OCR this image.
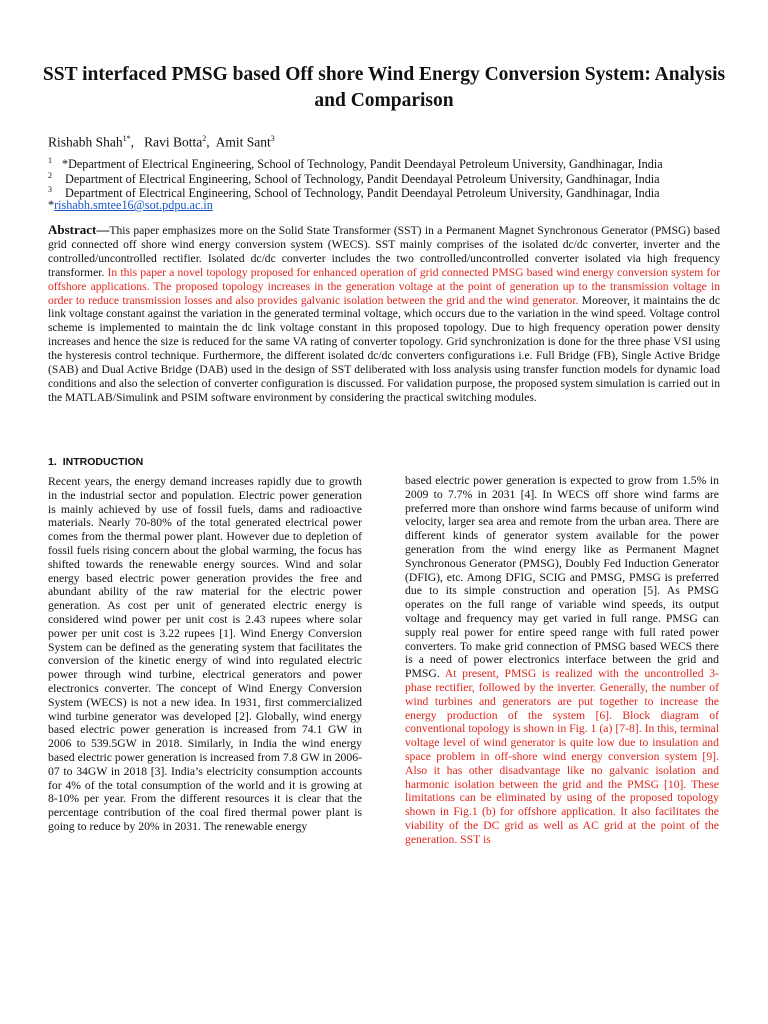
SST interfaced PMSG based Off shore Wind Energy Conversion System: Analysis and Comparison
Rishabh Shah$^{1*}$,   Ravi Botta$^2$,  Amit Sant$^3$
$^1$ *Department of Electrical Engineering, School of Technology, Pandit Deendayal Petroleum University, Gandhinagar, India
$^2$ Department of Electrical Engineering, School of Technology, Pandit Deendayal Petroleum University, Gandhinagar, India
$^3$ Department of Electrical Engineering, School of Technology, Pandit Deendayal Petroleum University, Gandhinagar, India
*rishabh.smtee16@sot.pdpu.ac.in
Abstract—This paper emphasizes more on the Solid State Transformer (SST) in a Permanent Magnet Synchronous Generator (PMSG) based grid connected off shore wind energy conversion system (WECS). SST mainly comprises of the isolated dc/dc converter, inverter and the controlled/uncontrolled rectifier. Isolated dc/dc converter includes the two controlled/uncontrolled converter isolated via high frequency transformer. In this paper a novel topology proposed for enhanced operation of grid connected PMSG based wind energy conversion system for offshore applications. The proposed topology increases in the generation voltage at the point of generation up to the transmission voltage in order to reduce transmission losses and also provides galvanic isolation between the grid and the wind generator. Moreover, it maintains the dc link voltage constant against the variation in the generated terminal voltage, which occurs due to the variation in the wind speed. Voltage control scheme is implemented to maintain the dc link voltage constant in this proposed topology. Due to high frequency operation power density increases and hence the size is reduced for the same VA rating of converter topology. Grid synchronization is done for the three phase VSI using the hysteresis control technique. Furthermore, the different isolated dc/dc converters configurations i.e. Full Bridge (FB), Single Active Bridge (SAB) and Dual Active Bridge (DAB) used in the design of SST deliberated with loss analysis using transfer function models for dynamic load conditions and also the selection of converter configuration is discussed. For validation purpose, the proposed system simulation is carried out in the MATLAB/Simulink and PSIM software environment by considering the practical switching modules.
1. INTRODUCTION
Recent years, the energy demand increases rapidly due to growth in the industrial sector and population. Electric power generation is mainly achieved by use of fossil fuels, dams and radioactive materials. Nearly 70-80% of the total generated electrical power comes from the thermal power plant. However due to depletion of fossil fuels rising concern about the global warming, the focus has shifted towards the renewable energy sources. Wind and solar energy based electric power generation provides the free and abundant ability of the raw material for the electric power generation. As cost per unit of generated electric energy is considered wind power per unit cost is 2.43 rupees where solar power per unit cost is 3.22 rupees [1]. Wind Energy Conversion System can be defined as the generating system that facilitates the conversion of the kinetic energy of wind into regulated electric power through wind turbine, electrical generators and power electronics converter. The concept of Wind Energy Conversion System (WECS) is not a new idea. In 1931, first commercialized wind turbine generator was developed [2]. Globally, wind energy based electric power generation is increased from 74.1 GW in 2006 to 539.5GW in 2018. Similarly, in India the wind energy based electric power generation is increased from 7.8 GW in 2006-07 to 34GW in 2018 [3]. India’s electricity consumption accounts for 4% of the total consumption of the world and it is growing at 8-10% per year. From the different resources it is clear that the percentage contribution of the coal fired thermal power plant is going to reduce by 20% in 2031. The renewable energy
based electric power generation is expected to grow from 1.5% in 2009 to 7.7% in 2031 [4]. In WECS off shore wind farms are preferred more than onshore wind farms because of uniform wind velocity, larger sea area and remote from the urban area. There are different kinds of generator system available for the power generation from the wind energy like as Permanent Magnet Synchronous Generator (PMSG), Doubly Fed Induction Generator (DFIG), etc. Among DFIG, SCIG and PMSG, PMSG is preferred due to its simple construction and operation [5]. As PMSG operates on the full range of variable wind speeds, its output voltage and frequency may get varied in full range. PMSG can supply real power for entire speed range with full rated power converters. To make grid connection of PMSG based WECS there is a need of power electronics interface between the grid and PMSG. At present, PMSG is realized with the uncontrolled 3-phase rectifier, followed by the inverter. Generally, the number of wind turbines and generators are put together to increase the energy production of the system [6]. Block diagram of conventional topology is shown in Fig. 1 (a) [7-8]. In this, terminal voltage level of wind generator is quite low due to insulation and space problem in off-shore wind energy conversion system [9]. Also it has other disadvantage like no galvanic isolation and harmonic isolation between the grid and the PMSG [10]. These limitations can be eliminated by using of the proposed topology shown in Fig.1 (b) for offshore application. It also facilitates the viability of the DC grid as well as AC grid at the point of the generation. SST is
